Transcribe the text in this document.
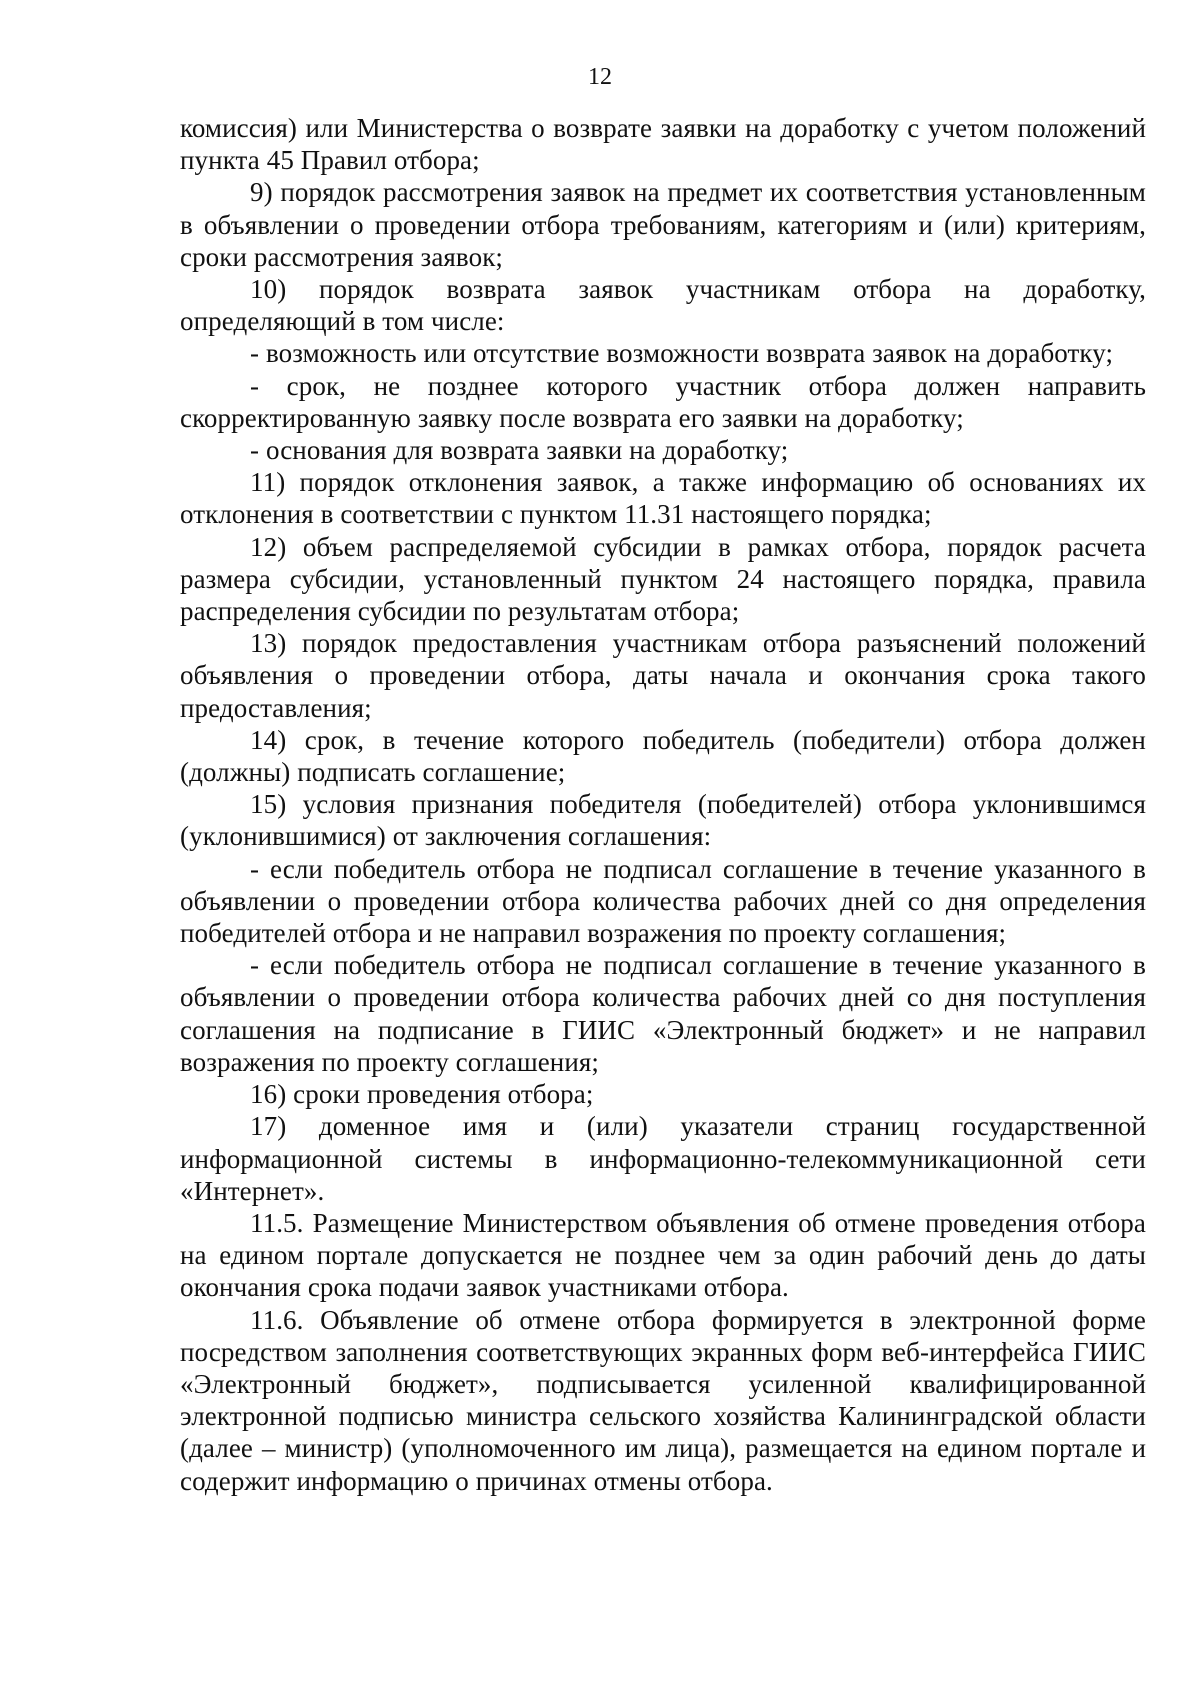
12

комиссия) или Министерства о возврате заявки на доработку с учетом положений пункта 45 Правил отбора;

9) порядок рассмотрения заявок на предмет их соответствия установленным в объявлении о проведении отбора требованиям, категориям и (или) критериям, сроки рассмотрения заявок;

10) порядок возврата заявок участникам отбора на доработку, определяющий в том числе:

- возможность или отсутствие возможности возврата заявок на доработку;

- срок, не позднее которого участник отбора должен направить скорректированную заявку после возврата его заявки на доработку;

- основания для возврата заявки на доработку;

11) порядок отклонения заявок, а также информацию об основаниях их отклонения в соответствии с пунктом 11.31 настоящего порядка;

12) объем распределяемой субсидии в рамках отбора, порядок расчета размера субсидии, установленный пунктом 24 настоящего порядка, правила распределения субсидии по результатам отбора;

13) порядок предоставления участникам отбора разъяснений положений объявления о проведении отбора, даты начала и окончания срока такого предоставления;

14) срок, в течение которого победитель (победители) отбора должен (должны) подписать соглашение;

15) условия признания победителя (победителей) отбора уклонившимся (уклонившимися) от заключения соглашения:

- если победитель отбора не подписал соглашение в течение указанного в объявлении о проведении отбора количества рабочих дней со дня определения победителей отбора и не направил возражения по проекту соглашения;

- если победитель отбора не подписал соглашение в течение указанного в объявлении о проведении отбора количества рабочих дней со дня поступления соглашения на подписание в ГИИС «Электронный бюджет» и не направил возражения по проекту соглашения;

16) сроки проведения отбора;

17) доменное имя и (или) указатели страниц государственной информационной системы в информационно-телекоммуникационной сети «Интернет».

11.5. Размещение Министерством объявления об отмене проведения отбора на едином портале допускается не позднее чем за один рабочий день до даты окончания срока подачи заявок участниками отбора.

11.6. Объявление об отмене отбора формируется в электронной форме посредством заполнения соответствующих экранных форм веб-интерфейса ГИИС «Электронный бюджет», подписывается усиленной квалифицированной электронной подписью министра сельского хозяйства Калининградской области (далее – министр) (уполномоченного им лица), размещается на едином портале и содержит информацию о причинах отмены отбора.
